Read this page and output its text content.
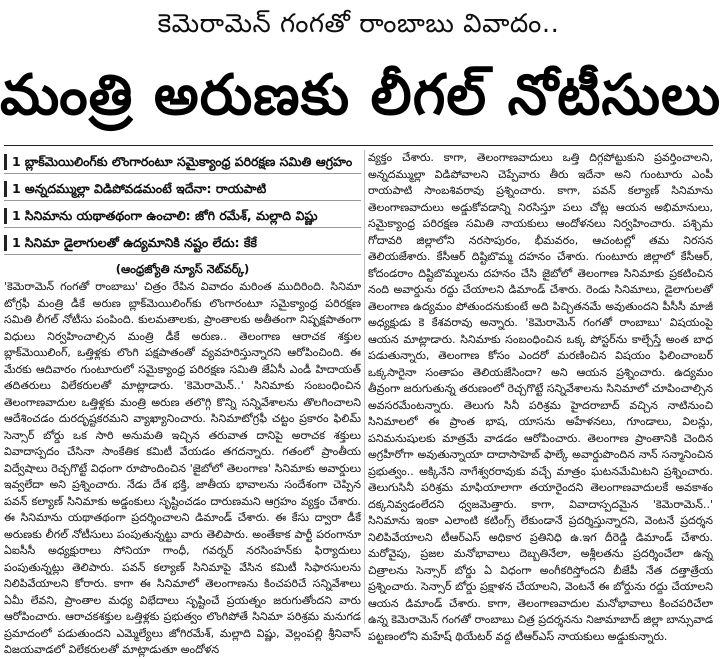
కెమెరామెన్ గంగతో రాంబాబు వివాదం..
మంత్రి అరుణకు లీగల్ నోటీసులు
1 బ్లాక్‌మెయిలింగ్‌కు లొంగారంటూ సమైక్యాంధ్ర పరిరక్షణ సమితి ఆగ్రహం
1 అన్నదమ్ముల్లా విడిపోవడమంటే ఇదేనా: రాయపాటి
1 సినిమాను యథాతథంగా ఉంచాలి: జోగి రమేశ్, మల్లాది విష్ణు
1 సినిమా డైలాగులతో ఉద్యమానికి నష్టం లేదు: కేకే
(ఆంధ్రజ్యోతి న్యూస్ నెట్‌వర్క్)

'కెమెరామెన్ గంగతో రాంబాబు' చిత్రం రేపిన వివాదం మరింత ముదిరింది. సినిమా టోగ్రఫీ మంత్రి డీకే అరుణ బ్లాక్‌మెయిలింగ్‌కు లొంగారంటూ సమైక్యాంధ్ర పరిరక్షణ సమితి లీగల్ నోటీసు పంపింది. కులమతాలకు, ప్రాంతాలకు అతీతంగా నిష్పక్షపాతంగా విధులు నిర్వహించాల్సిన మంత్రి డీకే అరుణ.. తెలంగాణ ఆరాచక శక్తుల బ్లాక్‌మెయిలింగ్, ఒత్తిళ్లకు లొంగి పక్షపాతంతో వ్యవహరిస్తున్నారని ఆరోపించింది. ఈ మేరకు ఆదివారం గుంటూరులో సమైక్యాంధ్ర పరిరక్షణ సమితి జేఏసీ ఎండీ హిదాయత్ తదితరులు విలేకరులతో మాట్లాడారు. 'కెమెరామెన్..' సినిమాకు సంబంధించిన తెలంగాణవాదుల ఒత్తిళ్లకు మంత్రి అరుణ తలొగ్గి కొన్ని సన్నివేశాలను తొలగించాలని ఆదేశించడం దురదృష్టకరమని వ్యాఖ్యానించారు. సినిమాటోగ్రఫీ చట్టం ప్రకారం ఫిలిమ్ సెన్సార్ బోర్డు ఒక సారి అనుమతి ఇచ్చిన తరువాత దానిపై అరాచక శక్తులు వివాదాస్పదం చేసినా సాంకేతిక కమిటీ వేయడం తగదన్నారు. గతంలో ప్రాంతీయ విద్వేషాలు రెచ్చగొట్టే విధంగా రూపొందించిన 'జైబోలో తెలంగాణ' సినిమాకు అవార్డులు ఇవ్వలేదా అని ప్రశ్నించారు. నేడు దేశ భక్తి, జాతీయ భావాలను సందేశంగా చెప్పిన పవన్ కల్యాణ్ సినిమాకు అడ్డంకులు సృష్టించడం దారుణమని ఆగ్రహం వ్యక్తం చేశారు. ఈ సినిమాను యథాతథంగా ప్రదర్శించాలని డిమాండ్ చేశారు. ఈ కేసు ద్వారా డీకే అరుణకు లీగల్ నోటీసులు పంపుతున్నట్టు వారు తెలిపారు. అంతేకాక పార్టీ పరంగానూ ఏఐసీసీ అధ్యక్షురాలు సోనియా గాంధీ, గవర్నర్ నరసింహన్‌కు ఫిర్యాదులు పంపుతున్నట్లు తెలిపారు. పవన్ కల్యాణ్ సినిమాపై వేసిన కమిటీ సిఫారసులను నిలిపివేయాలని కోరారు. కాగా ఈ సినిమాలో తెలంగాణను కించపరిచే సన్నివేశాలు ఏమీ లేవని, ప్రాంతాల మధ్య విభేదాలు సృష్టించే ప్రయత్నం జరుగుతోందని వారు ఆరోపించారు. ఆరాచకశక్తుల ఒత్తిళ్లకు ప్రభుత్వం లొంగిపోతే సినిమా పరిశ్రమ మనుగడ ప్రమాదంలో పడుతుందని ఎమ్మెల్యేలు జోగిరమేశ్, మల్లాది విష్ణు, వెల్లంపల్లి శ్రీనివాస్ విజయవాడలో విలేకరులతో మాట్లాడుతూ అందోళన

వ్యక్తం చేశారు. కాగా, తెలంగాణవాదులు ఒత్తి దిగ్గపోట్టుకుని ప్రవర్తించాలని, అన్నదమ్ముల్లా విడిపోవాలని చెప్పేవారు తీరు ఇదేనా అని గుంటూరు ఎంపీ రాయపాటి సాంబశివరావు ప్రశ్నించారు. కాగా, పవన్ కల్యాణ్ సినిమాను తెలంగాణవాదులు అడ్డుకోవడాన్ని నిరసిస్తూ పలు చోట్ల ఆయన అభిమానులు, సమైక్యాంధ్ర పరిరక్షణ సమితి నాయకులు ఆందోళనలు నిర్వహించారు. పశ్చిమ గోదావరి జిల్లాలోని నరసాపురం, భీమవరం, ఆచంటల్లో తమ నిరసన తెలియజేశారు. కేసీఆర్ దిష్టిబొమ్మ దహనం చేశారు. గుంటూరు జిల్లాలో కేసీఆర్, కోదండరాం దిష్టిబొమ్మలను దహనం చేసి జైబోలో తెలంగాణ సినిమాకు ప్రకటించిన నంది అవార్డును రద్దు చేయాలని డిమాండ్ చేశారు. రెండు సినిమాలు, డైలాగులతో తెలంగాణ ఉద్యమం పోతుందనుకుంటే అది పిచ్చితనమే అవుతుందని పీసీసీ మాజీ అధ్యక్షుడు కె కేశవరావు అన్నారు. 'కెమెరామెన్ గంగతో రాంబాబు' విషయంపై ఆయన మాట్లాడారు. సినిమాకు సంబంధించిన ఒక్క పోస్టర్‌ను కాల్చేస్తే అంత బాధ పడుతున్నారు, తెలంగాణ కోసం ఎందరో మరణించిన విషయం ఫిలించాంబర్ ఒక్కసారైనా సంతాపం తెలియజేసిందా? అని ఆయన ప్రశ్నించారు. ఉద్యమం తీవ్రంగా జరుగుతున్న తరుణంలో రెచ్చగొట్టే సన్నివేశాలను సినిమాలో చూపించాల్సిన అవసరమేంటన్నారు. తెలుగు సినీ పరిశ్రమ హైదరాబాద్ వచ్చిన నాటినుంచి సినిమాలలో ఈ ప్రాంత భాష, యాసను అహేళనలు, గూండాలు, విలన్లు, పనిమనుషులకు మాత్రమే వాడడం ఆరోపించారు. తెలంగాణ ప్రాంతానికి చెందిన అగ్రహీరోగా అవుతున్నాయా దాదాసాహెబ్ ఫాల్కే అవార్డుపొందిన నాన్ సన్మానించిన ప్రభుత్వం.. అక్కినేని నాగేశ్వరరావుకు వచ్చే మాత్రం ఘటనమేమిటని ప్రశ్నించారు. తెలుగుసినీ పరిశ్రమ మాఫియాలాగా తయారైందని తెలంగాణవాదులకే అవకాశం దక్కనివ్వడంలేదని ధ్వజమెత్తారు. కాగా, వివాదాస్పదమైన 'కెమెరామెన్..' సినిమాను ఇంకా ఎలాంటి కటింగ్స్ లేకుండానే ప్రదర్శిస్తున్నారని, వెంటనే ప్రదర్శన నిలిపివేయాలని టీఆర్ఎస్ అధికార ప్రతినిధి ఉ.ఇగ దీరెడ్డి డిమాండ్ చేశారు. మరోవైపు, ప్రజల మనోభావాలు దెబ్బతినేలా, అశ్లీలతను ప్రదర్శించేలా ఉన్న చిత్రాలను సెన్సార్ బోర్డు ఏ విధంగా అంగీకరిస్తోందని బీజేపీ నేత దత్తాత్రేయ ప్రశ్నించారు. సెన్సార్ బోర్డు ప్రక్షాళన చేయాలని, వెంటనే ఈ బోర్డును రద్దు చేయాలని ఆయన డిమాండ్ చేశారు. కాగా, తెలంగాణవాదుల మనోభావాలు కించపరిచేలా ఉన్న కెమెరామెన్ గంగతో రాంబాబు చిత్ర ప్రదర్శనను నిజామాబాద్ జిల్లా బాన్సువాడ పట్టణంలోని మహేష్ థియేటర్ వద్ద టీఆర్ఎస్ నాయకులు అడ్డుకున్నారు.
